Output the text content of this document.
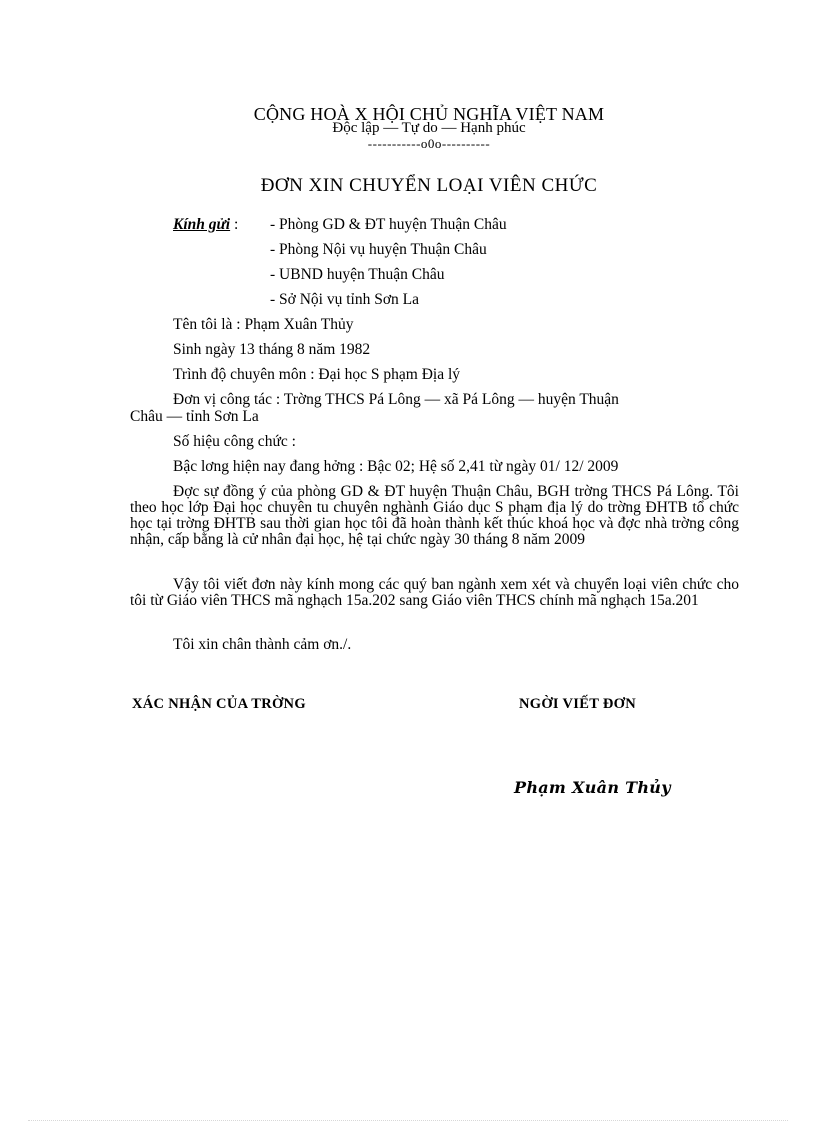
CỘNG HOÀ X HỘI CHỦ NGHĨA VIỆT NAM
Độc lập — Tự do — Hạnh phúc
-----------o0o----------
ĐƠN XIN CHUYỂN LOẠI VIÊN CHỨC
Kính gửi : - Phòng GD & ĐT huyện Thuận Châu
- Phòng Nội vụ huyện Thuận Châu
- UBND huyện Thuận Châu
- Sở Nội vụ tỉnh Sơn La
Tên tôi là : Phạm Xuân Thủy
Sinh ngày 13 tháng 8 năm 1982
Trình độ chuyên môn : Đại học S phạm Địa lý
Đơn vị công tác : Trờng THCS Pá Lông — xã Pá Lông — huyện Thuận
Châu — tỉnh Sơn La
Số hiệu công chức :
Bậc lơng hiện nay đang hởng : Bậc 02; Hệ số 2,41 từ ngày 01/ 12/ 2009
Đợc sự đồng ý của phòng GD & ĐT huyện Thuận Châu, BGH trờng THCS Pá Lông. Tôi theo học lớp Đại học chuyên tu chuyên nghành Giáo dục S phạm địa lý do trờng ĐHTB tổ chức học tại trờng ĐHTB sau thời gian học tôi đã hoàn thành kết thúc khoá học và đợc nhà trờng công nhận, cấp bằng là cử nhân đại học, hệ tại chức ngày 30 tháng 8 năm 2009
Vậy tôi viết đơn này kính mong các quý ban ngành xem xét và chuyển loại viên chức cho tôi từ Giáo viên THCS mã nghạch 15a.202 sang Giáo viên THCS chính mã nghạch 15a.201
Tôi xin chân thành cảm ơn./.
XÁC NHẬN CỦA TRỜNG	NGỜI VIẾT ĐƠN
Phạm Xuân Thủy
